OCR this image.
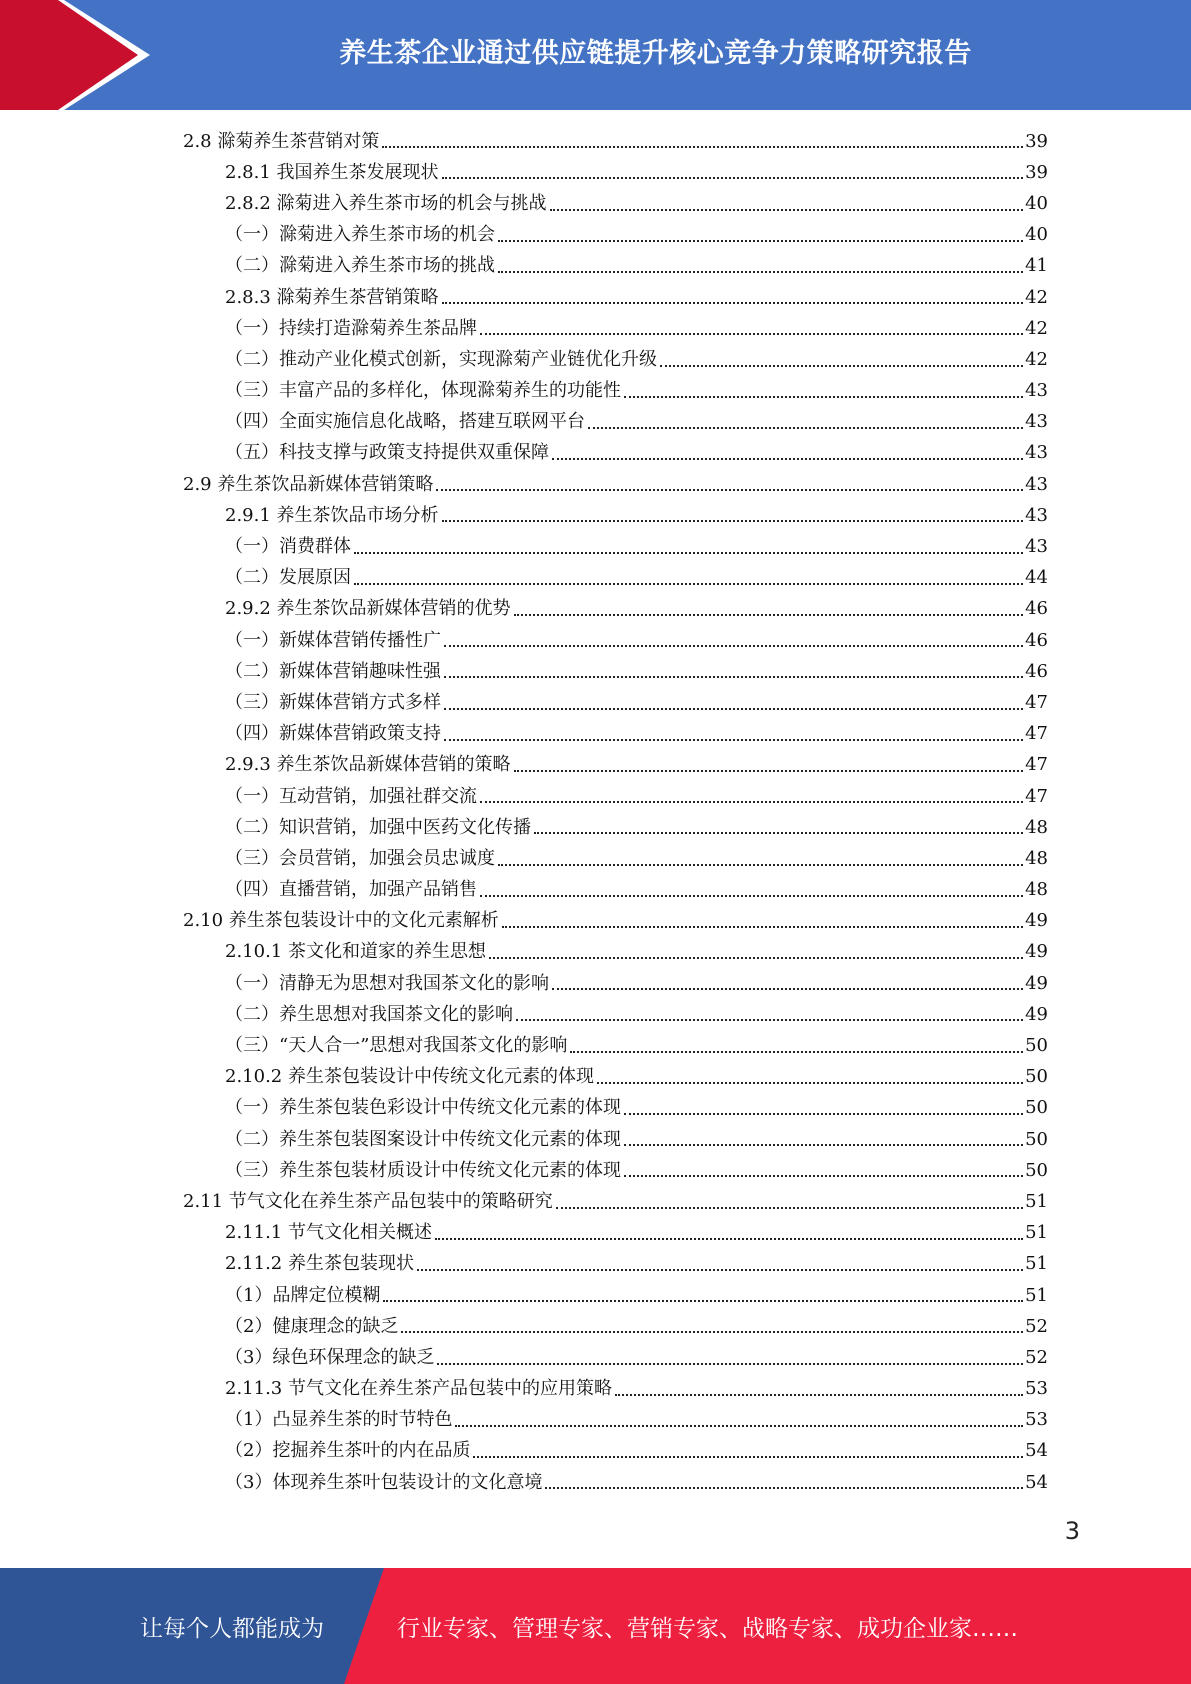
养生茶企业通过供应链提升核心竞争力策略研究报告
2.8 滁菊养生茶营销对策	39
2.8.1 我国养生茶发展现状	39
2.8.2 滁菊进入养生茶市场的机会与挑战	40
（一）滁菊进入养生茶市场的机会	40
（二）滁菊进入养生茶市场的挑战	41
2.8.3 滁菊养生茶营销策略	42
（一）持续打造滁菊养生茶品牌	42
（二）推动产业化模式创新，实现滁菊产业链优化升级	42
（三）丰富产品的多样化，体现滁菊养生的功能性	43
（四）全面实施信息化战略，搭建互联网平台	43
（五）科技支撑与政策支持提供双重保障	43
2.9 养生茶饮品新媒体营销策略	43
2.9.1 养生茶饮品市场分析	43
（一）消费群体	43
（二）发展原因	44
2.9.2 养生茶饮品新媒体营销的优势	46
（一）新媒体营销传播性广	46
（二）新媒体营销趣味性强	46
（三）新媒体营销方式多样	47
（四）新媒体营销政策支持	47
2.9.3 养生茶饮品新媒体营销的策略	47
（一）互动营销，加强社群交流	47
（二）知识营销，加强中医药文化传播	48
（三）会员营销，加强会员忠诚度	48
（四）直播营销，加强产品销售	48
2.10 养生茶包装设计中的文化元素解析	49
2.10.1 茶文化和道家的养生思想	49
（一）清静无为思想对我国茶文化的影响	49
（二）养生思想对我国茶文化的影响	49
（三）“天人合一”思想对我国茶文化的影响	50
2.10.2 养生茶包装设计中传统文化元素的体现	50
（一）养生茶包装色彩设计中传统文化元素的体现	50
（二）养生茶包装图案设计中传统文化元素的体现	50
（三）养生茶包装材质设计中传统文化元素的体现	50
2.11 节气文化在养生茶产品包装中的策略研究	51
2.11.1 节气文化相关概述	51
2.11.2 养生茶包装现状	51
（1）品牌定位模糊	51
（2）健康理念的缺乏	52
（3）绿色环保理念的缺乏	52
2.11.3 节气文化在养生茶产品包装中的应用策略	53
（1）凸显养生茶的时节特色	53
（2）挖掘养生茶叶的内在品质	54
（3）体现养生茶叶包装设计的文化意境	54
3
让每个人都能成为	行业专家、管理专家、营销专家、战略专家、成功企业家……
